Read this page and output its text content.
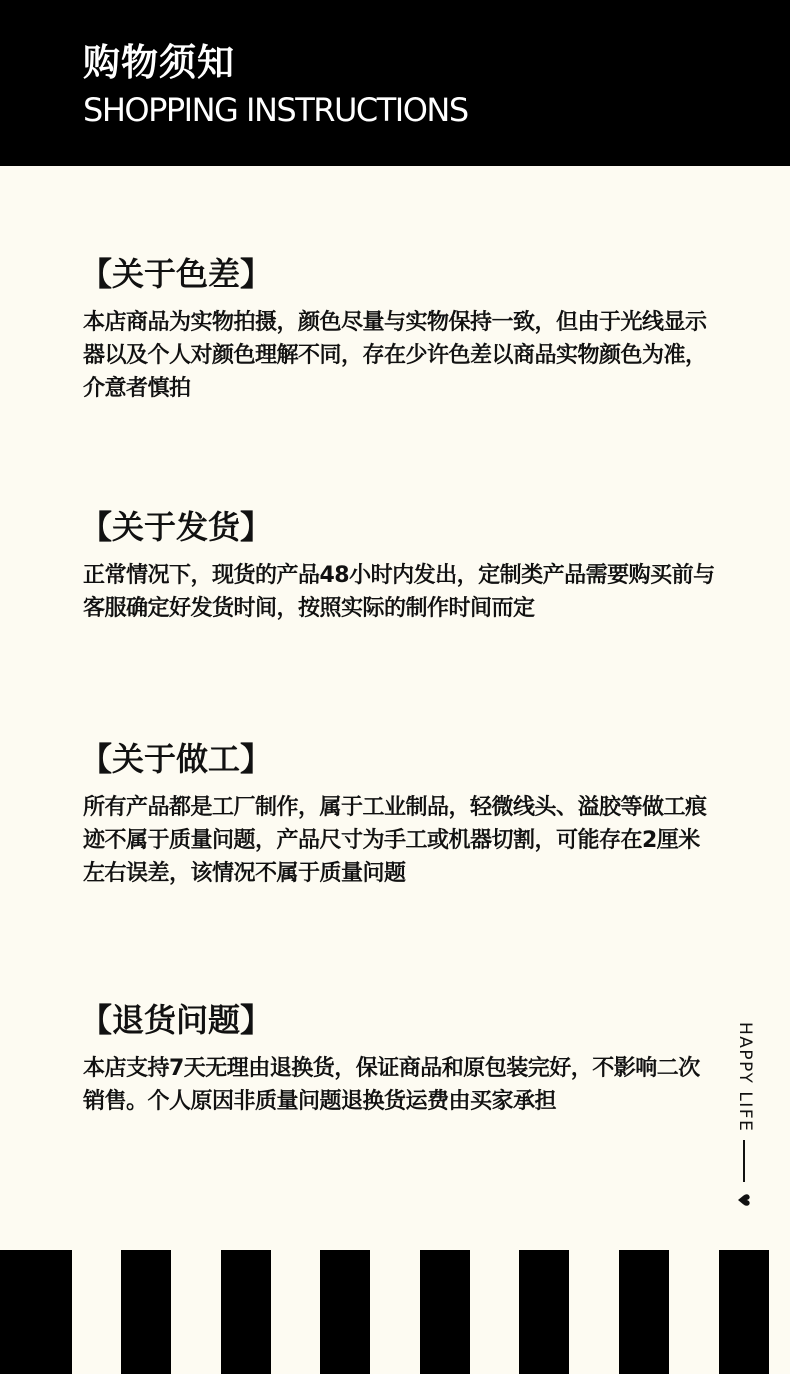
购物须知
SHOPPING INSTRUCTIONS
【关于色差】

本店商品为实物拍摄，颜色尽量与实物保持一致，但由于光线显示器以及个人对颜色理解不同，存在少许色差以商品实物颜色为准，介意者慎拍

【关于发货】

正常情况下，现货的产品48小时内发出，定制类产品需要购买前与客服确定好发货时间，按照实际的制作时间而定

【关于做工】

所有产品都是工厂制作，属于工业制品，轻微线头、溢胶等做工痕迹不属于质量问题，产品尺寸为手工或机器切割，可能存在2厘米左右误差，该情况不属于质量问题

【退货问题】

本店支持7天无理由退换货，保证商品和原包装完好，不影响二次销售。个人原因非质量问题退换货运费由买家承担	HAPPY LIFE
♥
